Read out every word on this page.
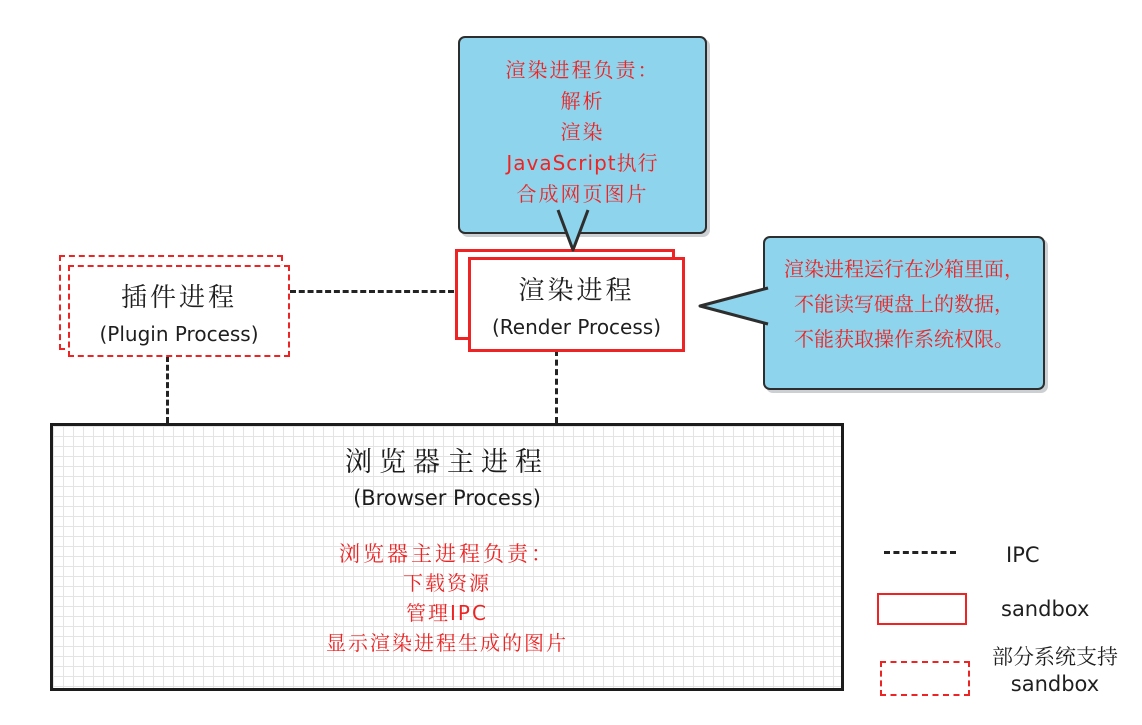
渲染进程负责：
解析
渲染
JavaScript执行
合成网页图片
渲染进程运行在沙箱里面，
不能读写硬盘上的数据，
不能获取操作系统权限。
渲染进程
(Render Process)
插件进程
(Plugin Process)
浏览器主进程
(Browser Process)
浏览器主进程负责：
下载资源
管理IPC
显示渲染进程生成的图片
IPC
sandbox
部分系统支持
sandbox
